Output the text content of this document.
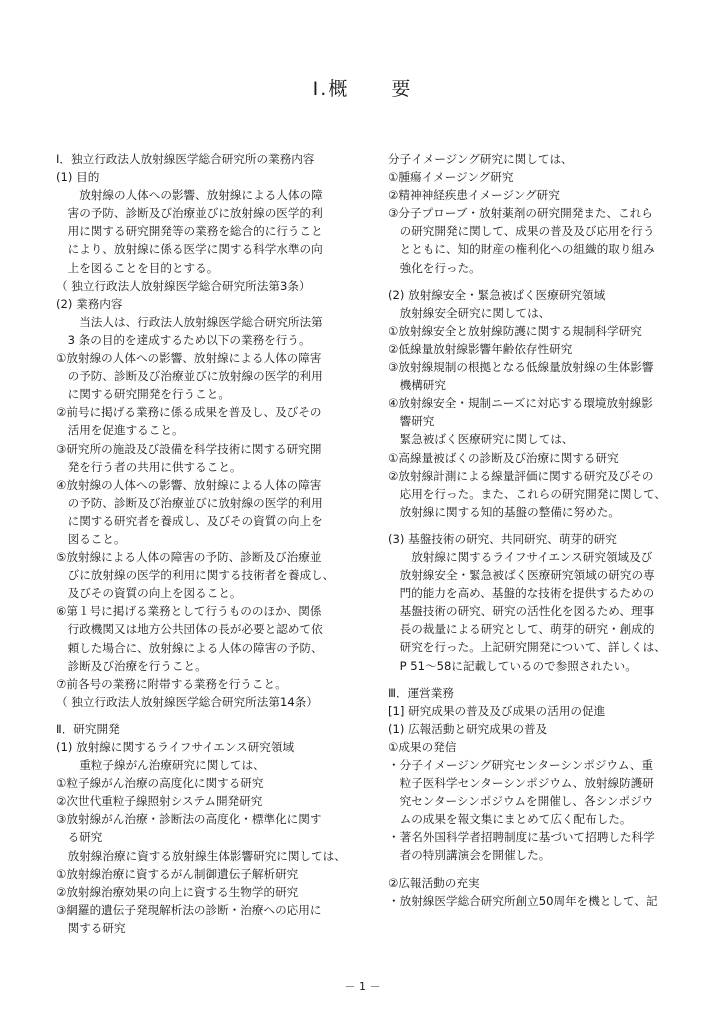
Ⅰ.概　　要
Ⅰ．独立行政法人放射線医学総合研究所の業務内容
(1) 目的
　　放射線の人体への影響、放射線による人体の障
　害の予防、診断及び治療並びに放射線の医学的利
　用に関する研究開発等の業務を総合的に行うこと
　により、放射線に係る医学に関する科学水準の向
　上を図ることを目的とする。
（ 独立行政法人放射線医学総合研究所法第3条）
(2) 業務内容
　　当法人は、行政法人放射線医学総合研究所法第
　3 条の目的を達成するため以下の業務を行う。
①放射線の人体への影響、放射線による人体の障害
　の予防、診断及び治療並びに放射線の医学的利用
　に関する研究開発を行うこと。
②前号に掲げる業務に係る成果を普及し、及びその
　活用を促進すること。
③研究所の施設及び設備を科学技術に関する研究開
　発を行う者の共用に供すること。
④放射線の人体への影響、放射線による人体の障害
　の予防、診断及び治療並びに放射線の医学的利用
　に関する研究者を養成し、及びその資質の向上を
　図ること。
⑤放射線による人体の障害の予防、診断及び治療並
　びに放射線の医学的利用に関する技術者を養成し、
　及びその資質の向上を図ること。
⑥第１号に掲げる業務として行うもののほか、関係
　行政機関又は地方公共団体の長が必要と認めて依
　頼した場合に、放射線による人体の障害の予防、
　診断及び治療を行うこと。
⑦前各号の業務に附帯する業務を行うこと。
（ 独立行政法人放射線医学総合研究所法第14条）
Ⅱ．研究開発
(1) 放射線に関するライフサイエンス研究領域
　　重粒子線がん治療研究に関しては、
①粒子線がん治療の高度化に関する研究
②次世代重粒子線照射システム開発研究
③放射線がん治療・診断法の高度化・標準化に関す
　る研究
　放射線治療に資する放射線生体影響研究に関しては、
①放射線治療に資するがん制御遺伝子解析研究
②放射線治療効果の向上に資する生物学的研究
③網羅的遺伝子発現解析法の診断・治療への応用に
　関する研究
分子イメージング研究に関しては、
①腫瘍イメージング研究
②精神神経疾患イメージング研究
③分子プローブ・放射薬剤の研究開発また、これら
　の研究開発に関して、成果の普及及び応用を行う
　とともに、知的財産の権利化への組織的取り組み
　強化を行った。
(2) 放射線安全・緊急被ばく医療研究領域
　放射線安全研究に関しては、
①放射線安全と放射線防護に関する規制科学研究
②低線量放射線影響年齢依存性研究
③放射線規制の根拠となる低線量放射線の生体影響
　機構研究
④放射線安全・規制ニーズに対応する環境放射線影
　響研究
　緊急被ばく医療研究に関しては、
①高線量被ばくの診断及び治療に関する研究
②放射線計測による線量評価に関する研究及びその
　応用を行った。また、これらの研究開発に関して、
　放射線に関する知的基盤の整備に努めた。
(3) 基盤技術の研究、共同研究、萌芽的研究
　　放射線に関するライフサイエンス研究領域及び
　放射線安全・緊急被ばく医療研究領域の研究の専
　門的能力を高め、基盤的な技術を提供するための
　基盤技術の研究、研究の活性化を図るため、理事
　長の裁量による研究として、萌芽的研究・創成的
　研究を行った。上記研究開発について、詳しくは、
　P 51～58に記載しているので参照されたい。
Ⅲ．運営業務
[1] 研究成果の普及及び成果の活用の促進
(1) 広報活動と研究成果の普及
①成果の発信
・分子イメージング研究センターシンポジウム、重
　粒子医科学センターシンポジウム、放射線防護研
　究センターシンポジウムを開催し、各シンポジウ
　ムの成果を報文集にまとめて広く配布した。
・著名外国科学者招聘制度に基づいて招聘した科学
　者の特別講演会を開催した。
②広報活動の充実
・放射線医学総合研究所創立50周年を機として、記
－ 1 －
